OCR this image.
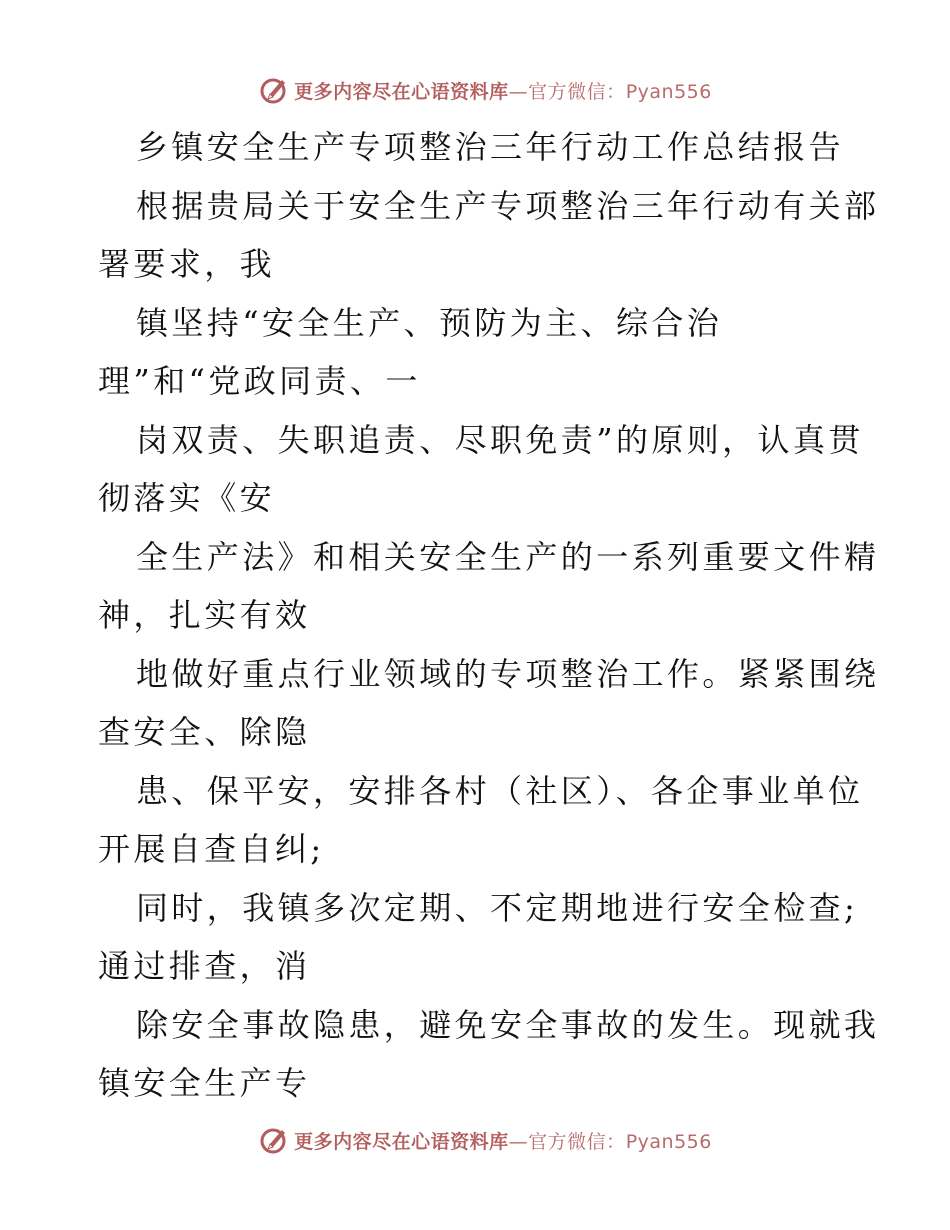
更多内容尽在心语资料库—官方微信：Pyan556
乡镇安全生产专项整治三年行动工作总结报告
根据贵局关于安全生产专项整治三年行动有关部
署要求，我
镇坚持“安全生产、预防为主、综合治
理”和“党政同责、一
岗双责、失职追责、尽职免责”的原则，认真贯
彻落实《安
全生产法》和相关安全生产的一系列重要文件精
神，扎实有效
地做好重点行业领域的专项整治工作。紧紧围绕
查安全、除隐
患、保平安，安排各村（社区）、各企事业单位
开展自查自纠;
同时，我镇多次定期、不定期地进行安全检查;
通过排查，消
除安全事故隐患，避免安全事故的发生。现就我
镇安全生产专
更多内容尽在心语资料库—官方微信：Pyan556
